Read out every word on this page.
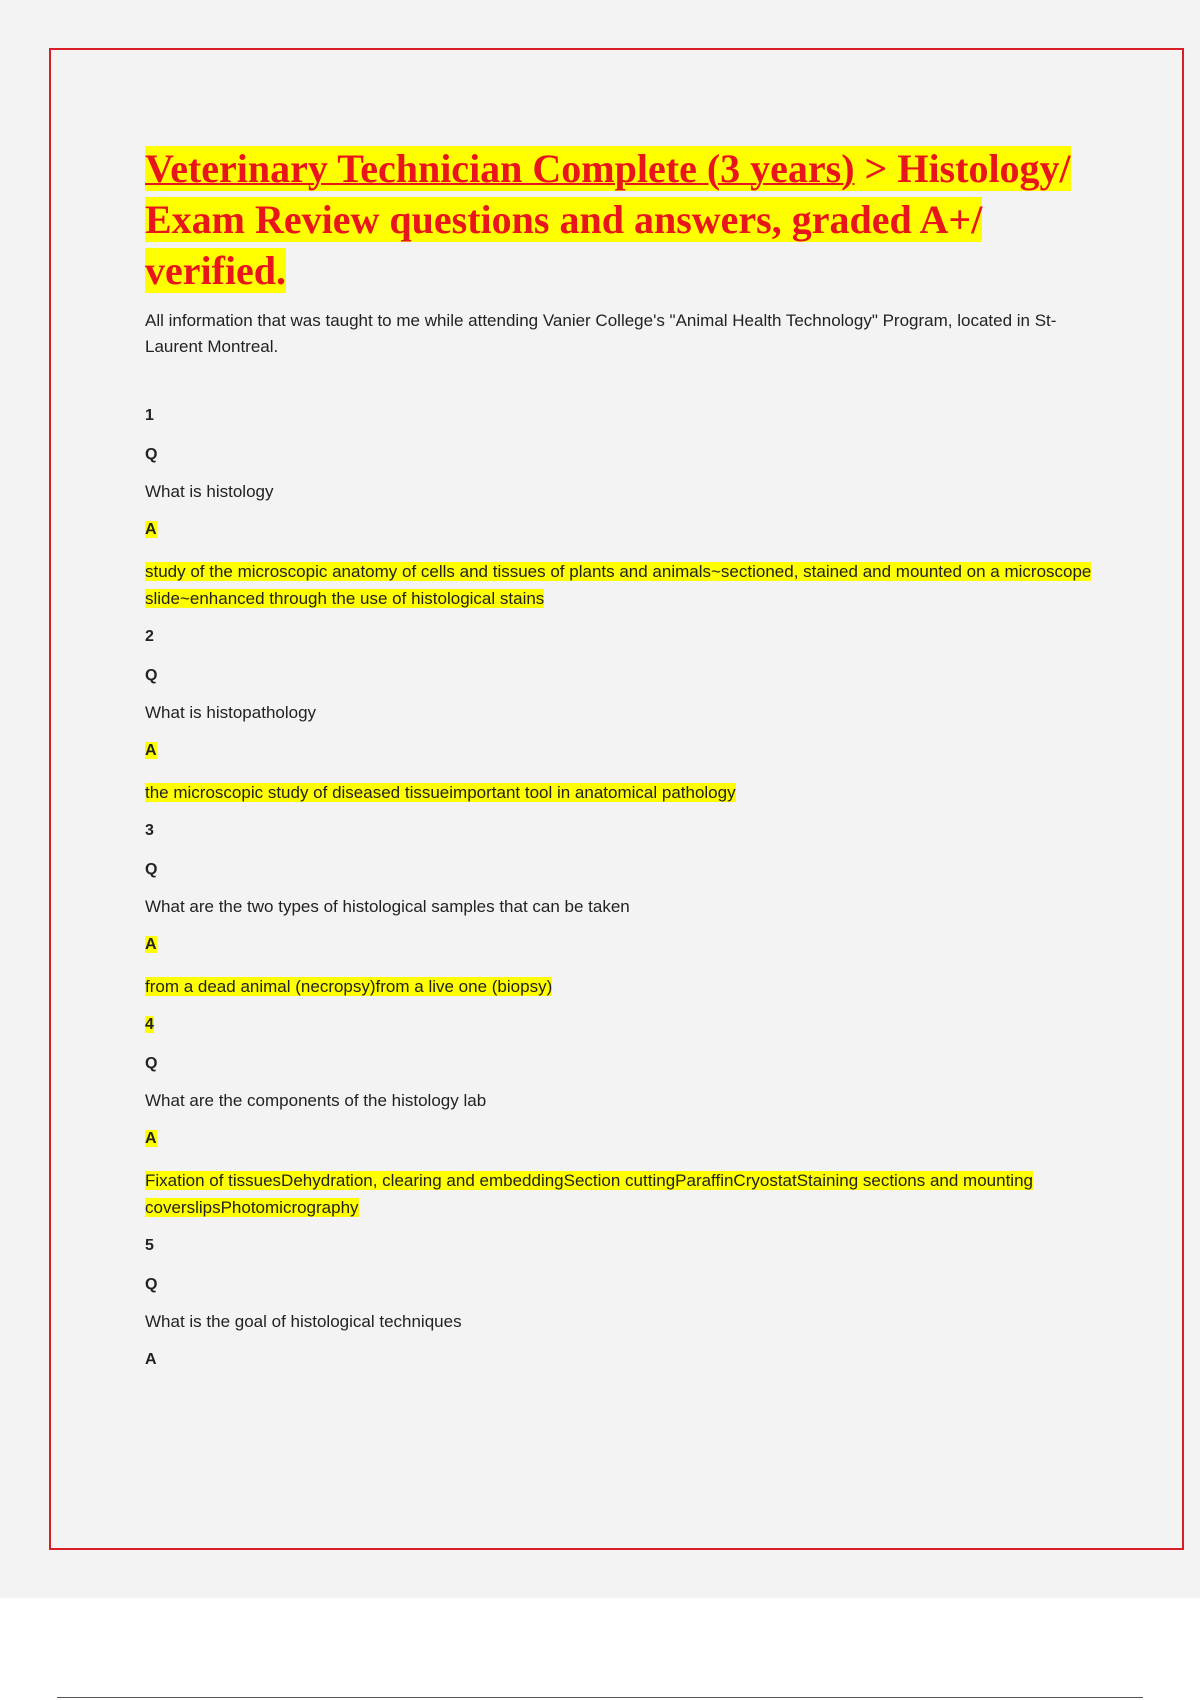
Veterinary Technician Complete (3 years) > Histology/
Exam Review questions and answers, graded A+/
verified.

All information that was taught to me while attending Vanier College's "Animal Health Technology" Program, located in St-Laurent Montreal.

1
Q
What is histology
A
study of the microscopic anatomy of cells and tissues of plants and animals~sectioned, stained and mounted on a microscope slide~enhanced through the use of histological stains
2
Q
What is histopathology
A
the microscopic study of diseased tissueimportant tool in anatomical pathology
3
Q
What are the two types of histological samples that can be taken
A
from a dead animal (necropsy)from a live one (biopsy)
4
Q
What are the components of the histology lab
A
Fixation of tissuesDehydration, clearing and embeddingSection cuttingParaffinCryostatStaining sections and mounting coverslipsPhotomicrography
5
Q
What is the goal of histological techniques
A
